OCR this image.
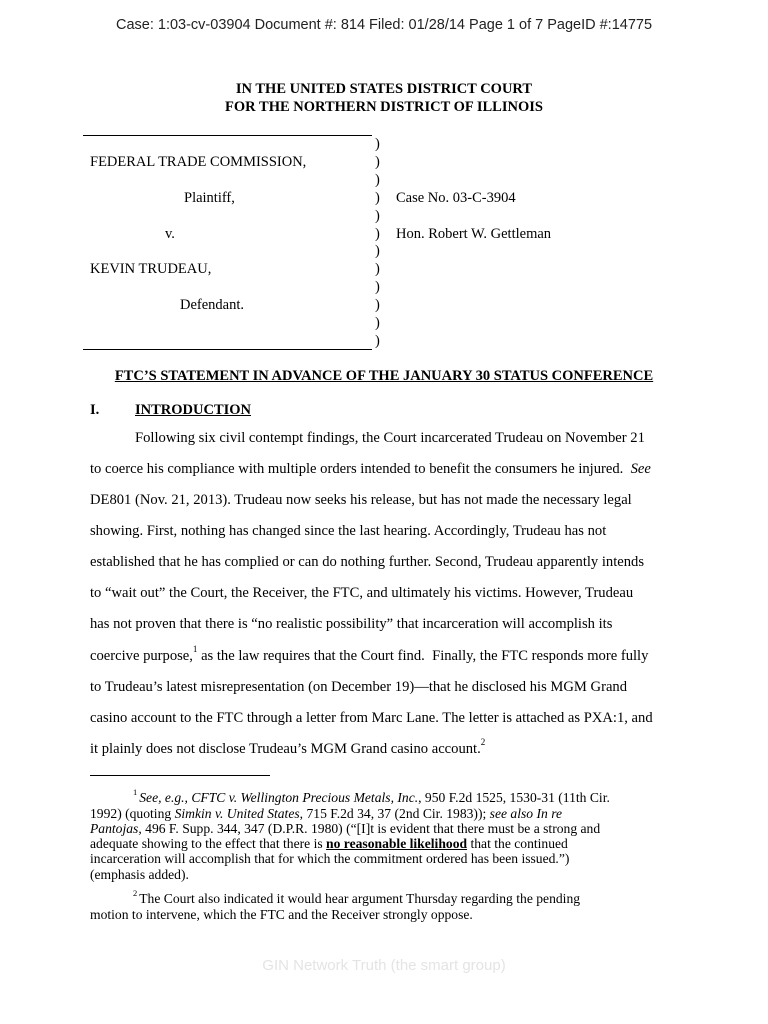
Case: 1:03-cv-03904 Document #: 814 Filed: 01/28/14 Page 1 of 7 PageID #:14775
IN THE UNITED STATES DISTRICT COURT
FOR THE NORTHERN DISTRICT OF ILLINOIS
)
)
)
)
)
)
)
)
)
)
)
)
FEDERAL TRADE COMMISSION,
Plaintiff,
v.
KEVIN TRUDEAU,
Defendant.
Case No. 03-C-3904
Hon. Robert W. Gettleman
FTC’S STATEMENT IN ADVANCE OF THE JANUARY 30 STATUS CONFERENCE
I. INTRODUCTION
Following six civil contempt findings, the Court incarcerated Trudeau on November 21
to coerce his compliance with multiple orders intended to benefit the consumers he injured.  See
DE801 (Nov. 21, 2013). Trudeau now seeks his release, but has not made the necessary legal
showing. First, nothing has changed since the last hearing. Accordingly, Trudeau has not
established that he has complied or can do nothing further. Second, Trudeau apparently intends
to “wait out” the Court, the Receiver, the FTC, and ultimately his victims. However, Trudeau
has not proven that there is “no realistic possibility” that incarceration will accomplish its
coercive purpose,$^1$ as the law requires that the Court find.  Finally, the FTC responds more fully
to Trudeau’s latest misrepresentation (on December 19)—that he disclosed his MGM Grand
casino account to the FTC through a letter from Marc Lane. The letter is attached as PXA:1, and
it plainly does not disclose Trudeau’s MGM Grand casino account.$^2$
$^1$ See, e.g., CFTC v. Wellington Precious Metals, Inc., 950 F.2d 1525, 1530-31 (11th Cir.
1992) (quoting Simkin v. United States, 715 F.2d 34, 37 (2nd Cir. 1983)); see also In re
Pantojas, 496 F. Supp. 344, 347 (D.P.R. 1980) (“[I]t is evident that there must be a strong and
adequate showing to the effect that there is no reasonable likelihood that the continued
incarceration will accomplish that for which the commitment ordered has been issued.”)
(emphasis added).
$^2$ The Court also indicated it would hear argument Thursday regarding the pending
motion to intervene, which the FTC and the Receiver strongly oppose.
GIN Network Truth (the smart group)
